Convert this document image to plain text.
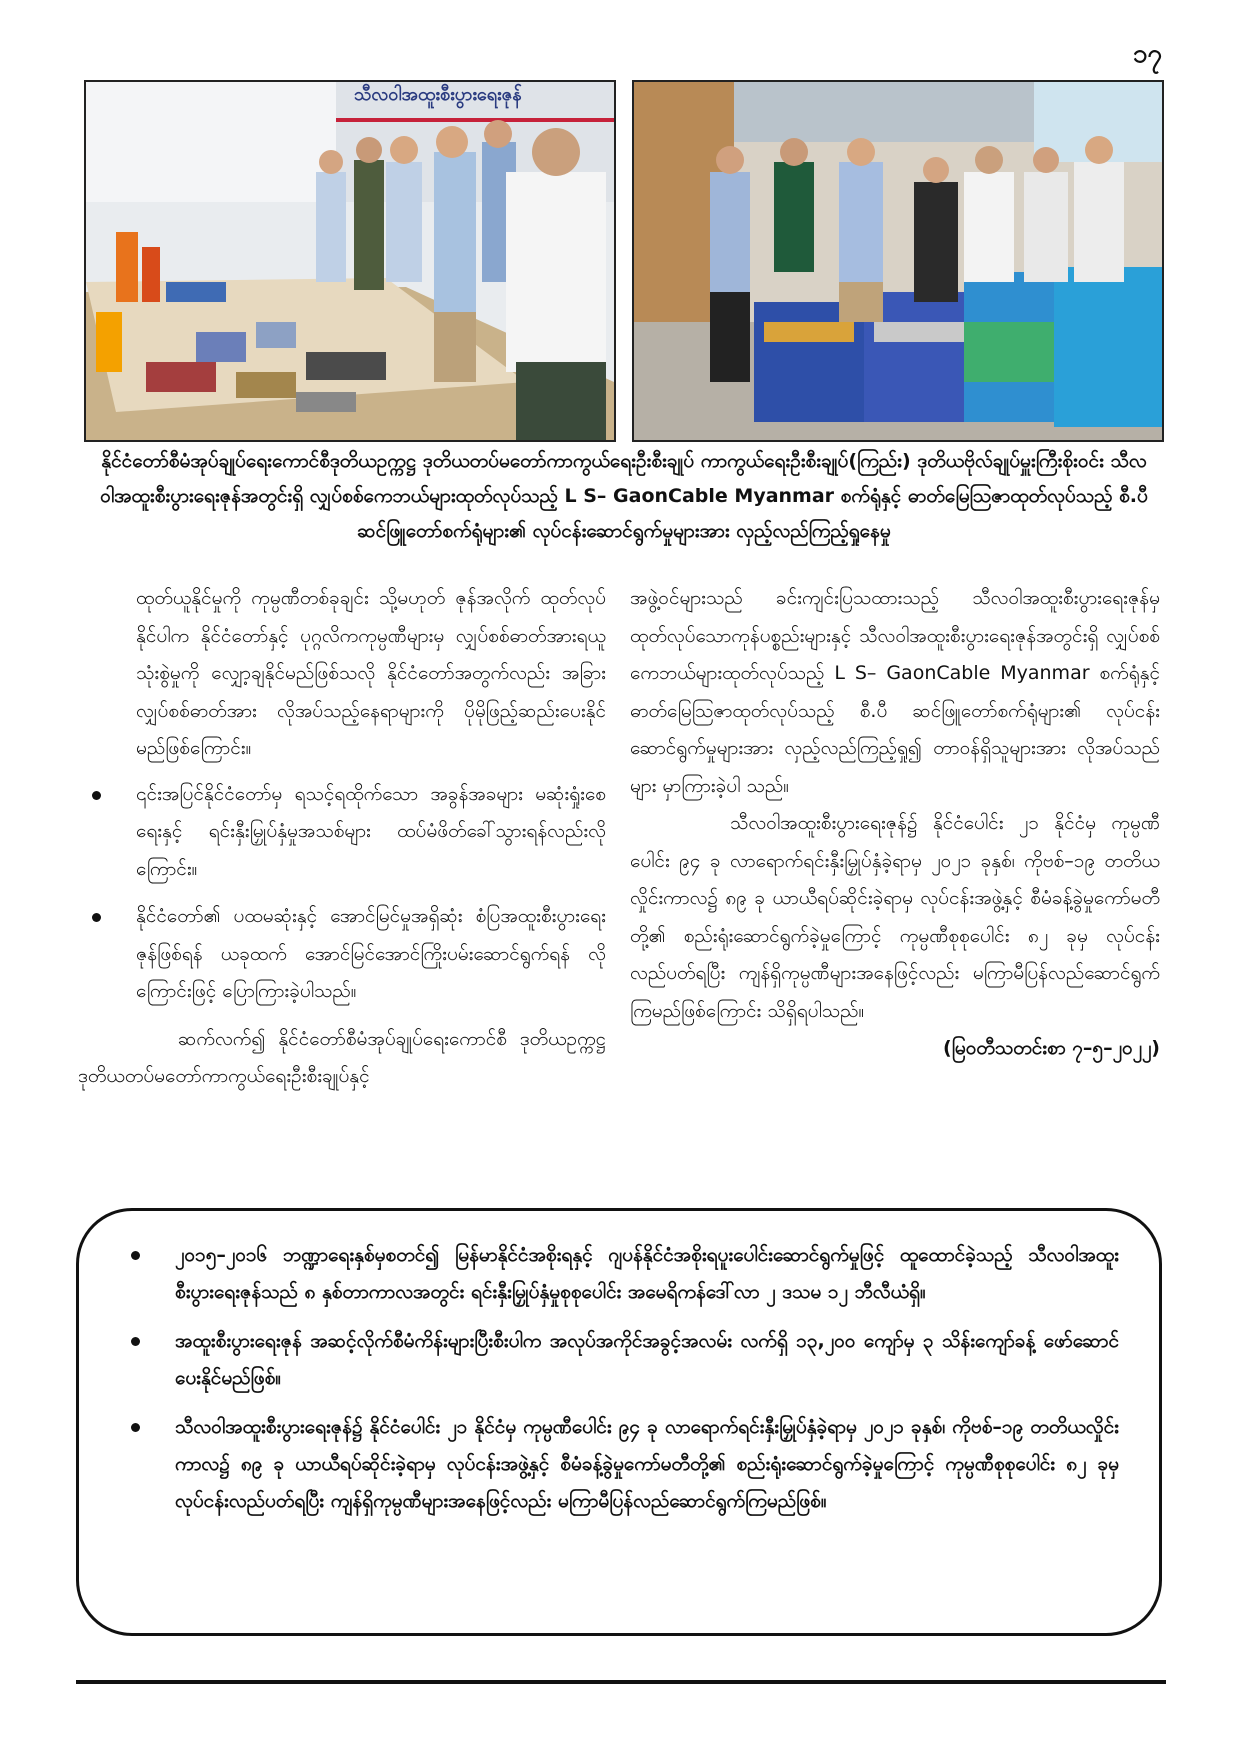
၁၇
သီလဝါအထူးစီးပွားရေးဇုန်
နိုင်ငံတော်စီမံအုပ်ချုပ်ရေးကောင်စီဒုတိယဥက္ကဋ္ဌ ဒုတိယတပ်မတော်ကာကွယ်ရေးဦးစီးချုပ် ကာကွယ်ရေးဦးစီးချုပ်(ကြည်း) ဒုတိယဗိုလ်ချုပ်မှူးကြီးစိုးဝင်း သီလဝါအထူးစီးပွားရေးဇုန်အတွင်းရှိ လျှပ်စစ်ကေဘယ်များထုတ်လုပ်သည့် L S– GaonCable Myanmar စက်ရုံနှင့် ဓာတ်မြေဩဇာထုတ်လုပ်သည့် စီ.ပီ ဆင်ဖြူတော်စက်ရုံများ၏ လုပ်ငန်းဆောင်ရွက်မှုများအား လှည့်လည်ကြည့်ရှုနေမှု

ထုတ်ယူနိုင်မှုကို ကုမ္ပဏီတစ်ခုချင်း သို့မဟုတ် ဇုန်အလိုက် ထုတ်လုပ်နိုင်ပါက နိုင်ငံတော်နှင့် ပုဂ္ဂလိကကုမ္ပဏီများမှ လျှပ်စစ်ဓာတ်အားရယူသုံးစွဲမှုကို လျှော့ချနိုင်မည်ဖြစ်သလို နိုင်ငံတော်အတွက်လည်း အခြားလျှပ်စစ်ဓာတ်အား လိုအပ်သည့်နေရာများကို ပိုမိုဖြည့်ဆည်းပေးနိုင်မည်ဖြစ်ကြောင်း။

၎င်းအပြင်နိုင်ငံတော်မှ ရသင့်ရထိုက်သော အခွန်အခများ မဆုံးရှုံးစေရေးနှင့် ရင်းနှီးမြှုပ်နှံမှုအသစ်များ ထပ်မံဖိတ်ခေါ်သွားရန်လည်းလိုကြောင်း။
နိုင်ငံတော်၏ ပထမဆုံးနှင့် အောင်မြင်မှုအရှိဆုံး စံပြအထူးစီးပွားရေးဇုန်ဖြစ်ရန် ယခုထက် အောင်မြင်အောင်ကြိုးပမ်းဆောင်ရွက်ရန် လိုကြောင်းဖြင့် ပြောကြားခဲ့ပါသည်။

ဆက်လက်၍ နိုင်ငံတော်စီမံအုပ်ချုပ်ရေးကောင်စီ ဒုတိယဥက္ကဋ္ဌ ဒုတိယတပ်မတော်ကာကွယ်ရေးဦးစီးချုပ်နှင့်

အဖွဲ့ဝင်များသည် ခင်းကျင်းပြသထားသည့် သီလဝါအထူးစီးပွားရေးဇုန်မှ ထုတ်လုပ်သောကုန်ပစ္စည်းများနှင့် သီလဝါအထူးစီးပွားရေးဇုန်အတွင်းရှိ လျှပ်စစ်ကေဘယ်များထုတ်လုပ်သည့် L S– GaonCable Myanmar စက်ရုံနှင့် ဓာတ်မြေဩဇာထုတ်လုပ်သည့် စီ.ပီ ဆင်ဖြူတော်စက်ရုံများ၏ လုပ်ငန်းဆောင်ရွက်မှုများအား လှည့်လည်ကြည့်ရှု၍ တာဝန်ရှိသူများအား လိုအပ်သည်များ မှာကြားခဲ့ပါ သည်။

သီလဝါအထူးစီးပွားရေးဇုန်၌ နိုင်ငံပေါင်း ၂၁ နိုင်ငံမှ ကုမ္ပဏီပေါင်း ၉၄ ခု လာရောက်ရင်းနှီးမြှုပ်နှံခဲ့ရာမှ ၂၀၂၁ ခုနှစ်၊ ကိုဗစ်–၁၉ တတိယလှိုင်းကာလ၌ ၈၉ ခု ယာယီရပ်ဆိုင်းခဲ့ရာမှ လုပ်ငန်းအဖွဲ့နှင့် စီမံခန့်ခွဲမှုကော်မတီတို့၏ စည်းရုံးဆောင်ရွက်ခဲ့မှုကြောင့် ကုမ္ပဏီစုစုပေါင်း ၈၂ ခုမှ လုပ်ငန်းလည်ပတ်ရပြီး ကျန်ရှိကုမ္ပဏီများအနေဖြင့်လည်း မကြာမီပြန်လည်ဆောင်ရွက်ကြမည်ဖြစ်ကြောင်း သိရှိရပါသည်။

(မြဝတီသတင်းစာ ၇–၅–၂၀၂၂)

၂၀၁၅–၂၀၁၆ ဘဏ္ဍာရေးနှစ်မှစတင်၍ မြန်မာနိုင်ငံအစိုးရနှင့် ဂျပန်နိုင်ငံအစိုးရပူးပေါင်းဆောင်ရွက်မှုဖြင့် ထူထောင်ခဲ့သည့် သီလဝါအထူးစီးပွားရေးဇုန်သည် ၈ နှစ်တာကာလအတွင်း ရင်းနှီးမြှုပ်နှံမှုစုစုပေါင်း အမေရိကန်ဒေါ်လာ ၂ ဒသမ ၁၂ ဘီလီယံရှိ။
အထူးစီးပွားရေးဇုန် အဆင့်လိုက်စီမံကိန်းများပြီးစီးပါက အလုပ်အကိုင်အခွင့်အလမ်း လက်ရှိ ၁၃,၂၀၀ ကျော်မှ ၃ သိန်းကျော်ခန့် ဖော်ဆောင်ပေးနိုင်မည်ဖြစ်။
သီလဝါအထူးစီးပွားရေးဇုန်၌ နိုင်ငံပေါင်း ၂၁ နိုင်ငံမှ ကုမ္ပဏီပေါင်း ၉၄ ခု လာရောက်ရင်းနှီးမြှုပ်နှံခဲ့ရာမှ ၂၀၂၁ ခုနှစ်၊ ကိုဗစ်–၁၉ တတိယလှိုင်းကာလ၌ ၈၉ ခု ယာယီရပ်ဆိုင်းခဲ့ရာမှ လုပ်ငန်းအဖွဲ့နှင့် စီမံခန့်ခွဲမှုကော်မတီတို့၏ စည်းရုံးဆောင်ရွက်ခဲ့မှုကြောင့် ကုမ္ပဏီစုစုပေါင်း ၈၂ ခုမှ လုပ်ငန်းလည်ပတ်ရပြီး ကျန်ရှိကုမ္ပဏီများအနေဖြင့်လည်း မကြာမီပြန်လည်ဆောင်ရွက်ကြမည်ဖြစ်။
